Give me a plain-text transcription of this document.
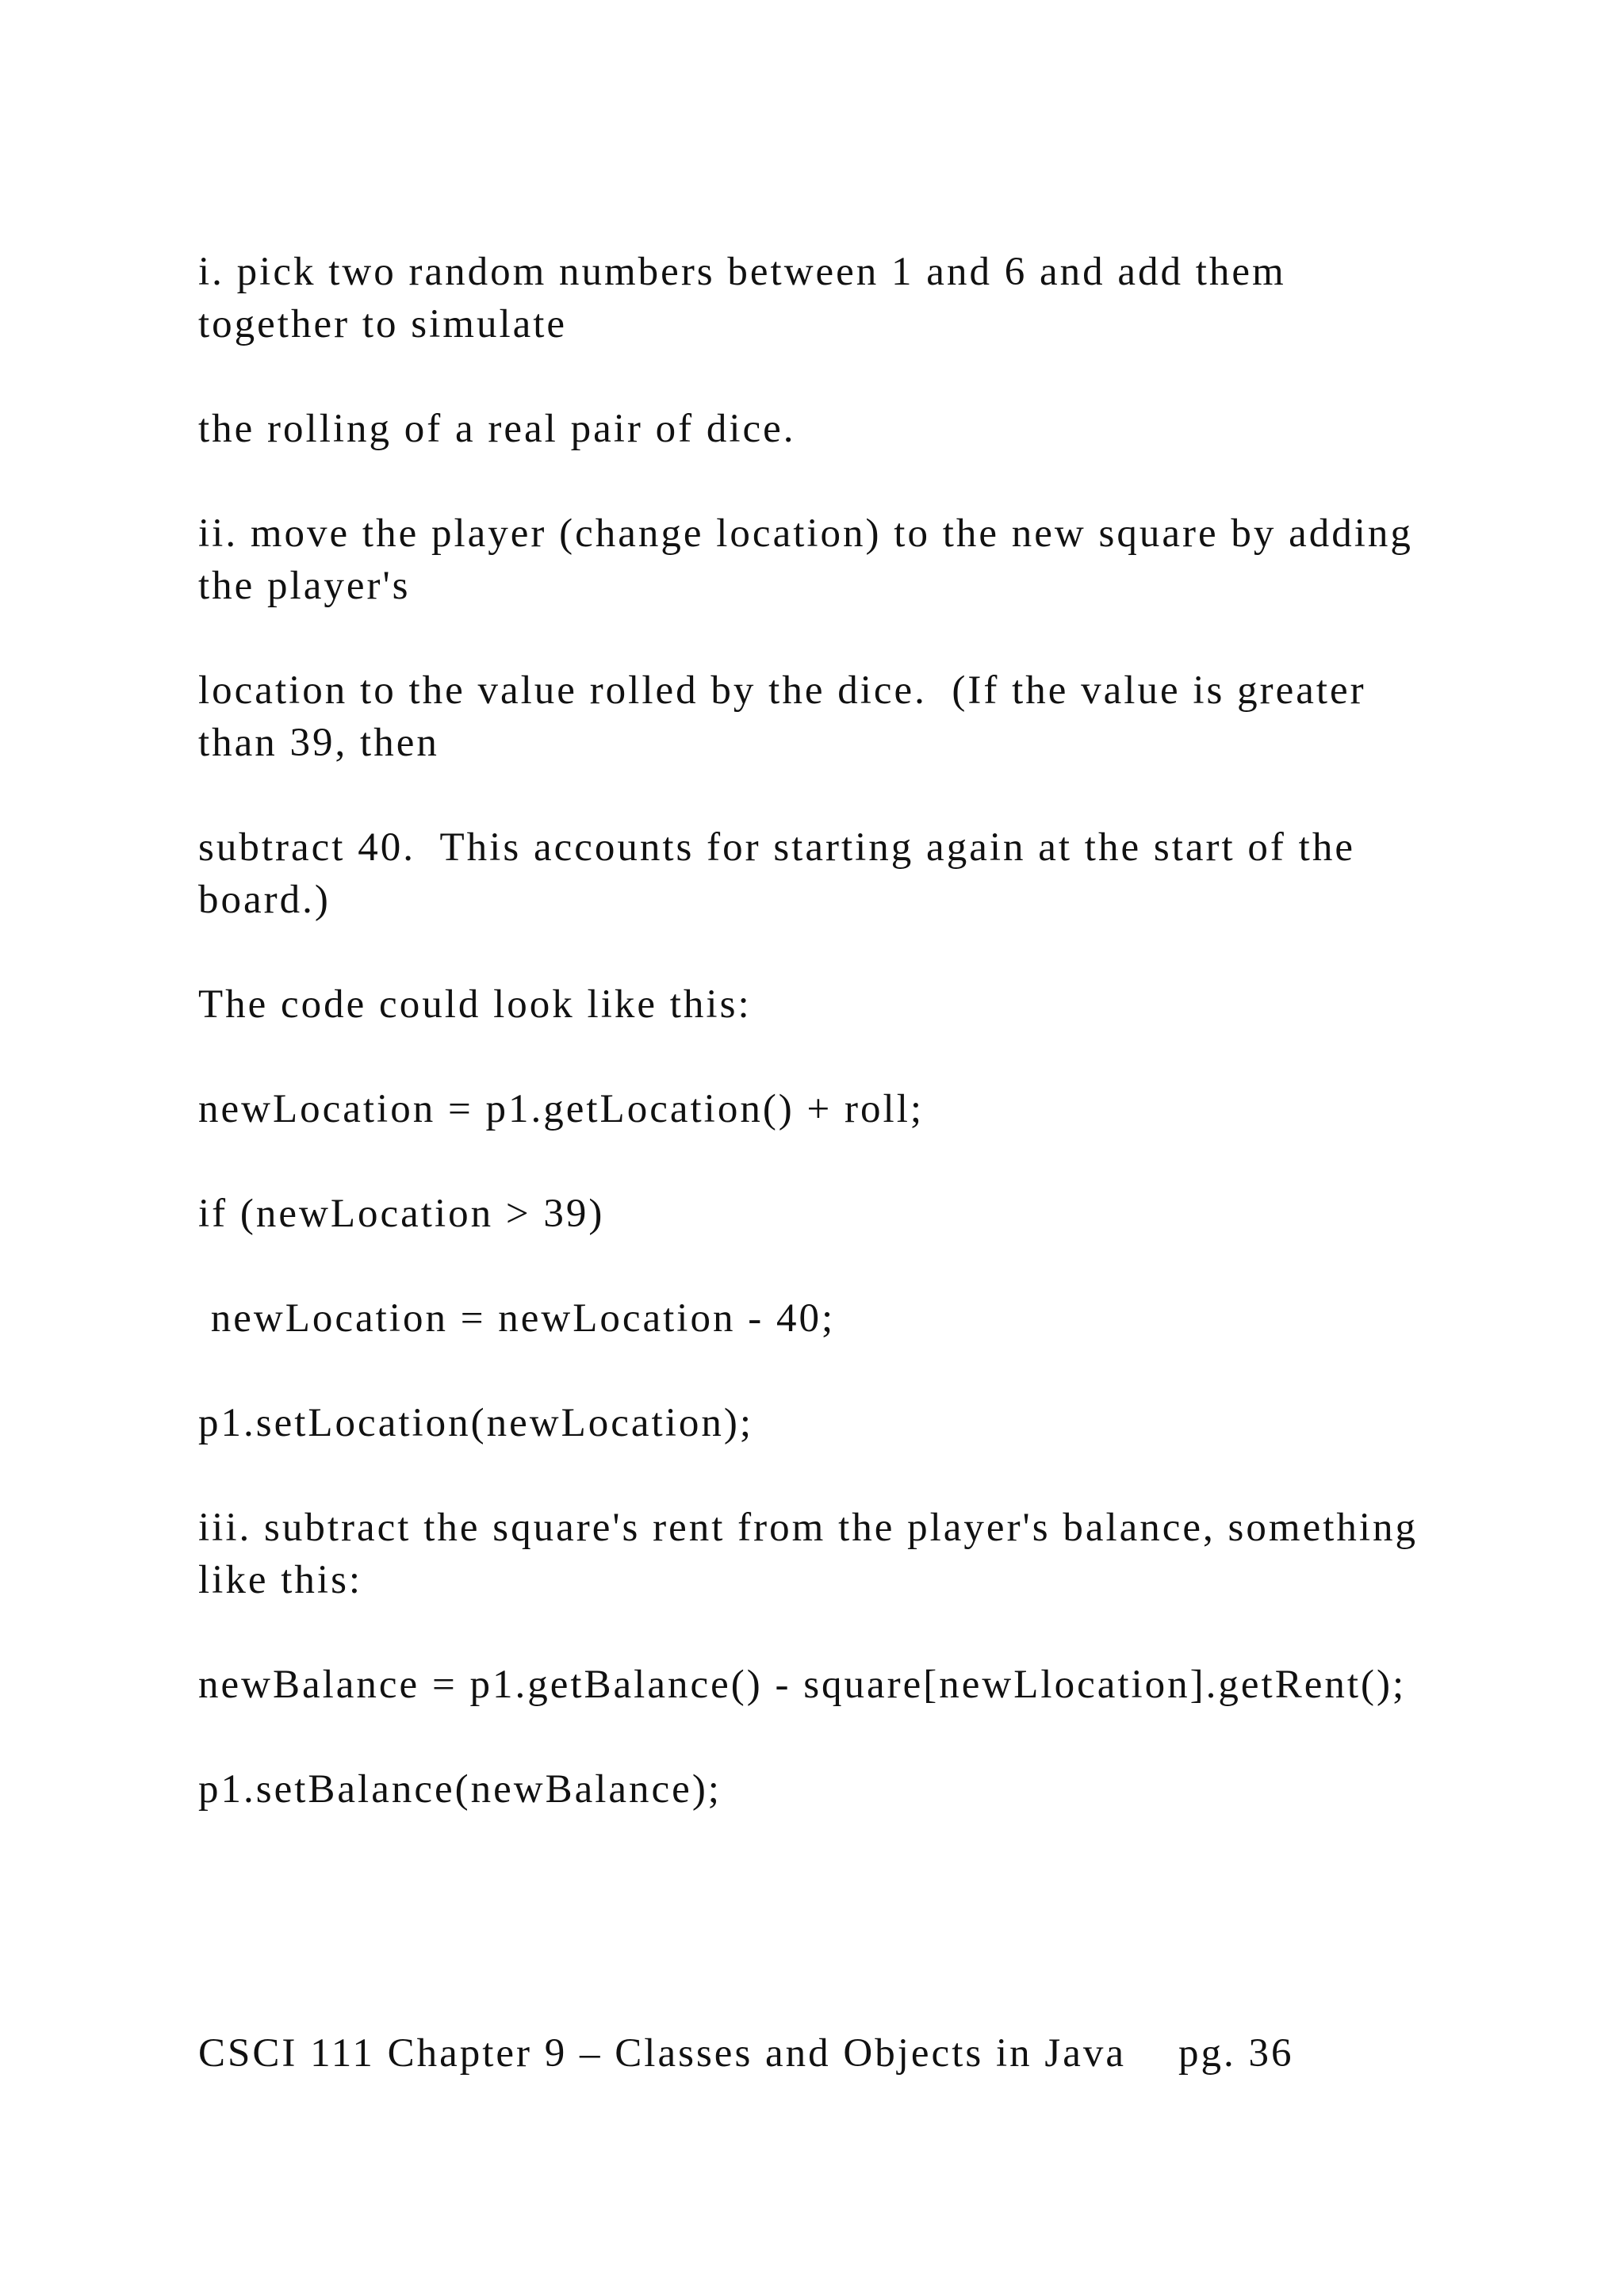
i. pick two random numbers between 1 and 6 and add them together to simulate

the rolling of a real pair of dice.

ii. move the player (change location) to the new square by adding the player's

location to the value rolled by the dice.  (If the value is greater than 39, then

subtract 40.  This accounts for starting again at the start of the board.)

The code could look like this:

newLocation = p1.getLocation() + roll;

if (newLocation > 39)

newLocation = newLocation - 40;

p1.setLocation(newLocation);

iii. subtract the square's rent from the player's balance, something like this:

newBalance = p1.getBalance() - square[newLlocation].getRent();

p1.setBalance(newBalance);

CSCI 111 Chapter 9 – Classes and Objects in Java pg. 36
